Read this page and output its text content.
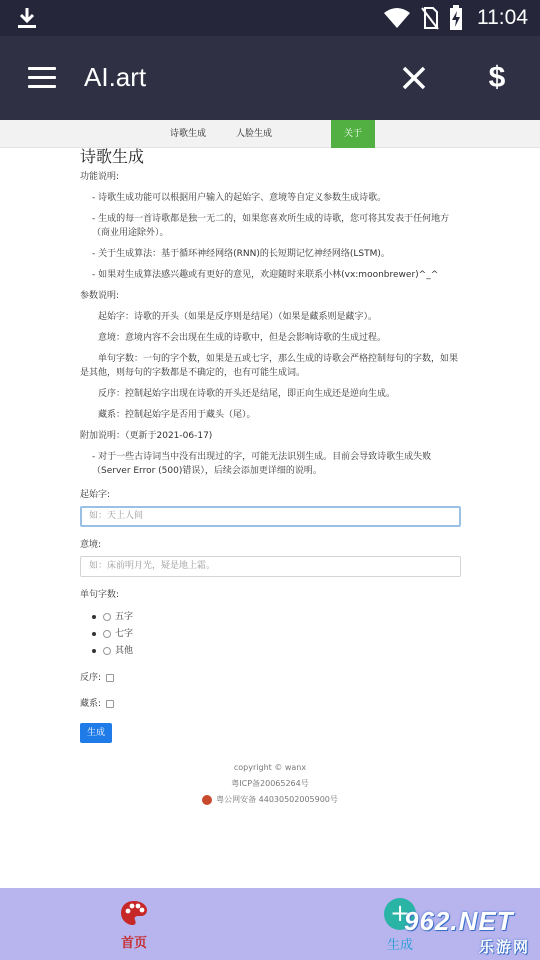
11:04
AI.art	$
诗歌生成	人脸生成	关于
诗歌生成
功能说明:
- 诗歌生成功能可以根据用户输入的起始字、意境等自定义参数生成诗歌。
- 生成的每一首诗歌都是独一无二的，如果您喜欢所生成的诗歌，您可将其发表于任何地方（商业用途除外）。
- 关于生成算法：基于循环神经网络(RNN)的长短期记忆神经网络(LSTM)。
- 如果对生成算法感兴趣或有更好的意见，欢迎随时来联系小林(vx:moonbrewer)^_^
参数说明:
起始字：诗歌的开头（如果是反序则是结尾）（如果是藏系则是藏字）。
意境：意境内容不会出现在生成的诗歌中，但是会影响诗歌的生成过程。
单句字数：一句的字个数，如果是五或七字，那么生成的诗歌会严格控制每句的字数，如果是其他，则每句的字数都是不确定的，也有可能生成词。
反序：控制起始字出现在诗歌的开头还是结尾，即正向生成还是逆向生成。
藏系：控制起始字是否用于藏头（尾）。
附加说明：（更新于2021-06-17)
- 对于一些古诗词当中没有出现过的字，可能无法识别生成。目前会导致诗歌生成失败（Server Error (500)错误），后续会添加更详细的说明。
起始字:
如：天上人间
意境:
如：床前明月光，疑是地上霜。
单句字数:
五字
七字
其他
反序:
藏系:
生成
copyright © wanx
粤ICP备20065264号
粤公网安备 44030502005900号
首页
+
生成
962.NET
乐游网
